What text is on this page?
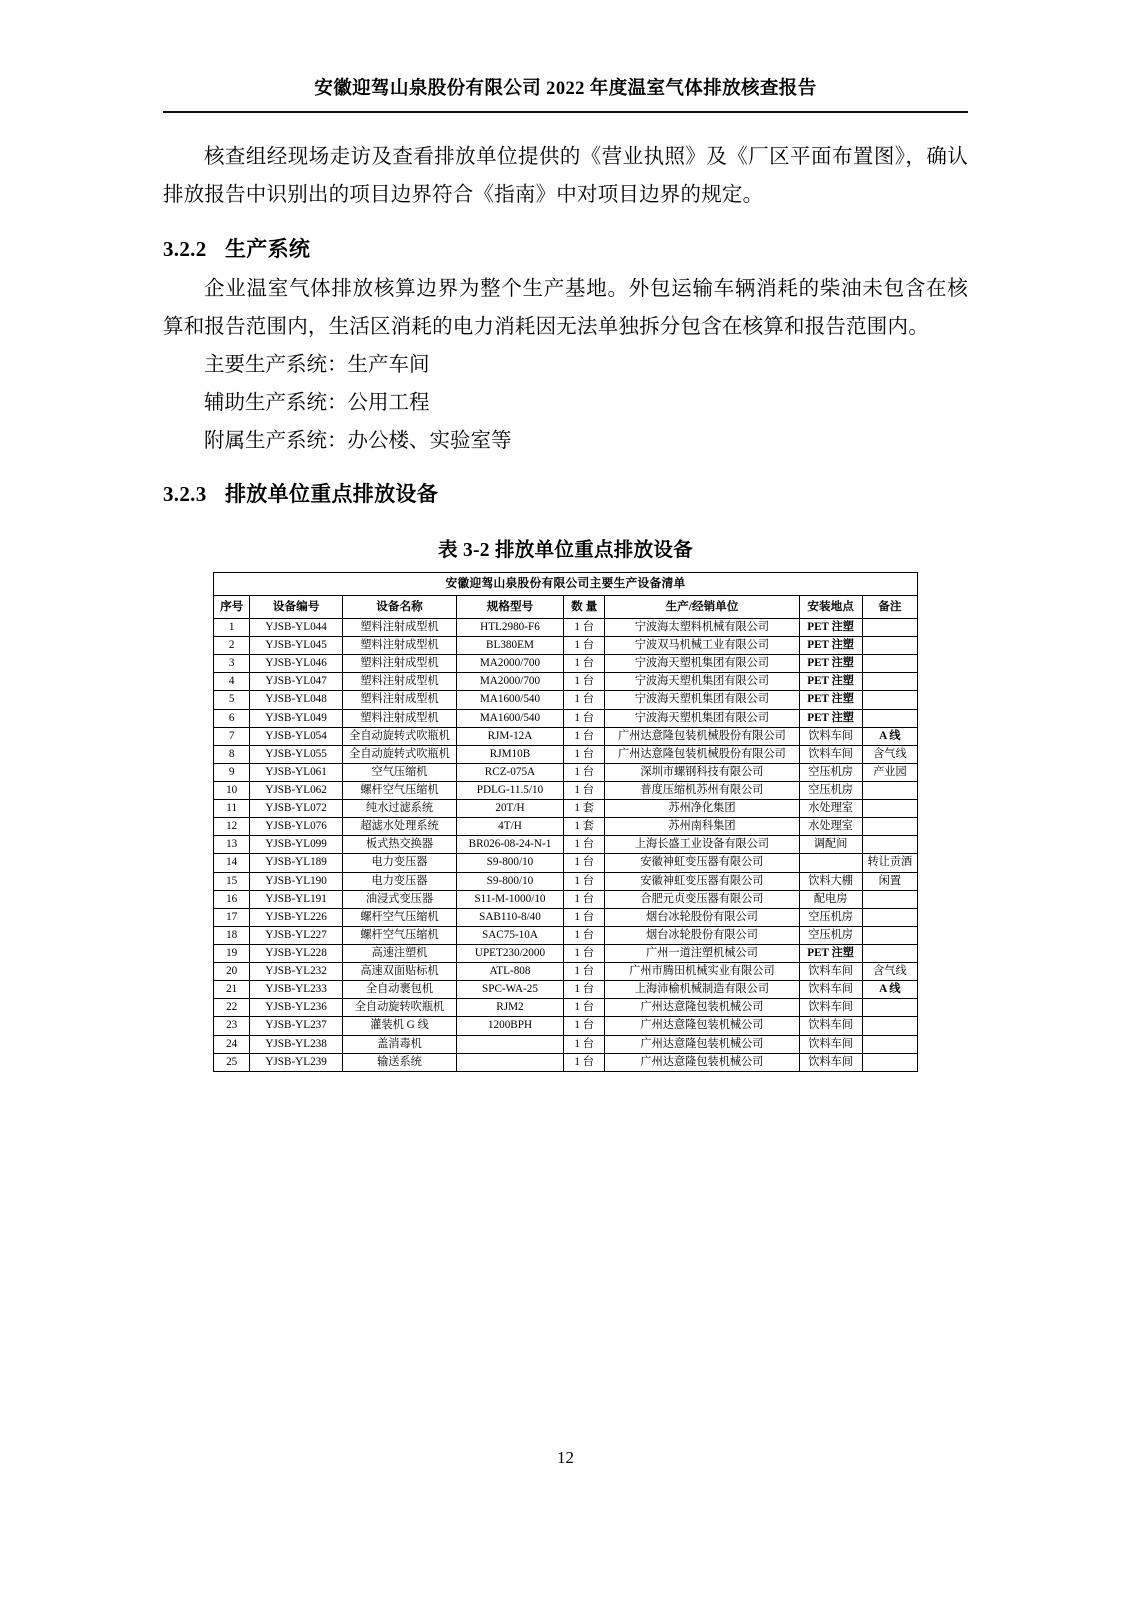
安徽迎驾山泉股份有限公司 2022 年度温室气体排放核查报告

核查组经现场走访及查看排放单位提供的《营业执照》及《厂区平面布置图》，确认排放报告中识别出的项目边界符合《指南》中对项目边界的规定。

3.2.2 生产系统

企业温室气体排放核算边界为整个生产基地。外包运输车辆消耗的柴油未包含在核算和报告范围内，生活区消耗的电力消耗因无法单独拆分包含在核算和报告范围内。

主要生产系统：生产车间

辅助生产系统：公用工程

附属生产系统：办公楼、实验室等

3.2.3 排放单位重点排放设备
表 3-2 排放单位重点排放设备
安徽迎驾山泉股份有限公司主要生产设备清单							
序号	设备编号	设备名称	规格型号	数 量	生产/经销单位	安装地点	备注
1	YJSB-YL044	塑料注射成型机	HTL2980-F6	1 台	宁波海太塑料机械有限公司	PET 注塑	
2	YJSB-YL045	塑料注射成型机	BL380EM	1 台	宁波双马机械工业有限公司	PET 注塑	
3	YJSB-YL046	塑料注射成型机	MA2000/700	1 台	宁波海天塑机集团有限公司	PET 注塑	
4	YJSB-YL047	塑料注射成型机	MA2000/700	1 台	宁波海天塑机集团有限公司	PET 注塑	
5	YJSB-YL048	塑料注射成型机	MA1600/540	1 台	宁波海天塑机集团有限公司	PET 注塑	
6	YJSB-YL049	塑料注射成型机	MA1600/540	1 台	宁波海天塑机集团有限公司	PET 注塑	
7	YJSB-YL054	全自动旋转式吹瓶机	RJM-12A	1 台	广州达意隆包装机械股份有限公司	饮料车间	A 线
8	YJSB-YL055	全自动旋转式吹瓶机	RJM10B	1 台	广州达意隆包装机械股份有限公司	饮料车间	含气线
9	YJSB-YL061	空气压缩机	RCZ-075A	1 台	深圳市螺钢科技有限公司	空压机房	产业园
10	YJSB-YL062	螺杆空气压缩机	PDLG-11.5/10	1 台	普度压缩机苏州有限公司	空压机房	
11	YJSB-YL072	纯水过滤系统	20T/H	1 套	苏州净化集团	水处理室	
12	YJSB-YL076	超滤水处理系统	4T/H	1 套	苏州南科集团	水处理室	
13	YJSB-YL099	板式热交换器	BR026-08-24-N-1	1 台	上海长盛工业设备有限公司	调配间	
14	YJSB-YL189	电力变压器	S9-800/10	1 台	安徽神虹变压器有限公司		转让贡酒
15	YJSB-YL190	电力变压器	S9-800/10	1 台	安徽神虹变压器有限公司	饮料大棚	闲置
16	YJSB-YL191	油浸式变压器	S11-M-1000/10	1 台	合肥元贞变压器有限公司	配电房	
17	YJSB-YL226	螺杆空气压缩机	SAB110-8/40	1 台	烟台冰轮股份有限公司	空压机房	
18	YJSB-YL227	螺杆空气压缩机	SAC75-10A	1 台	烟台冰轮股份有限公司	空压机房	
19	YJSB-YL228	高速注塑机	UPET230/2000	1 台	广州一道注塑机械公司	PET 注塑	
20	YJSB-YL232	高速双面贴标机	ATL-808	1 台	广州市腾田机械实业有限公司	饮料车间	含气线
21	YJSB-YL233	全自动裹包机	SPC-WA-25	1 台	上海沛榆机械制造有限公司	饮料车间	A 线
22	YJSB-YL236	全自动旋转吹瓶机	RJM2	1 台	广州达意隆包装机械公司	饮料车间	
23	YJSB-YL237	灌装机 G 线	1200BPH	1 台	广州达意隆包装机械公司	饮料车间	
24	YJSB-YL238	盖消毒机		1 台	广州达意隆包装机械公司	饮料车间	
25	YJSB-YL239	输送系统		1 台	广州达意隆包装机械公司	饮料车间	
12
